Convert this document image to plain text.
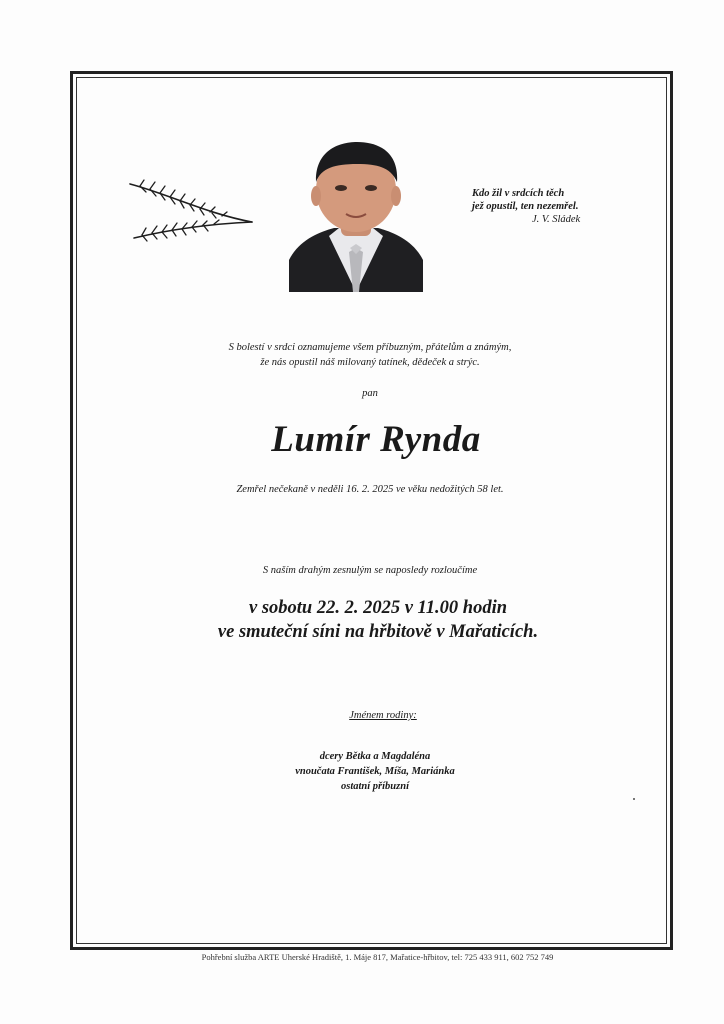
Kdo žil v srdcích těch
jež opustil, ten nezemřel.
J. V. Sládek
S bolestí v srdci oznamujeme všem příbuzným, přátelům a známým,
že nás opustil náš milovaný tatínek, dědeček a strýc.
pan
Lumír Rynda
Zemřel nečekaně v neděli 16. 2. 2025 ve věku nedožitých 58 let.
S naším drahým zesnulým se naposledy rozloučíme
v sobotu 22. 2. 2025 v 11.00 hodin
ve smuteční síni na hřbitově v Mařaticích.
Jménem rodiny:
dcery Bětka a Magdaléna
vnoučata František, Míša, Mariánka
ostatní příbuzní
Pohřební služba ARTE Uherské Hradiště, 1. Máje 817, Mařatice-hřbitov, tel: 725 433 911, 602 752 749
